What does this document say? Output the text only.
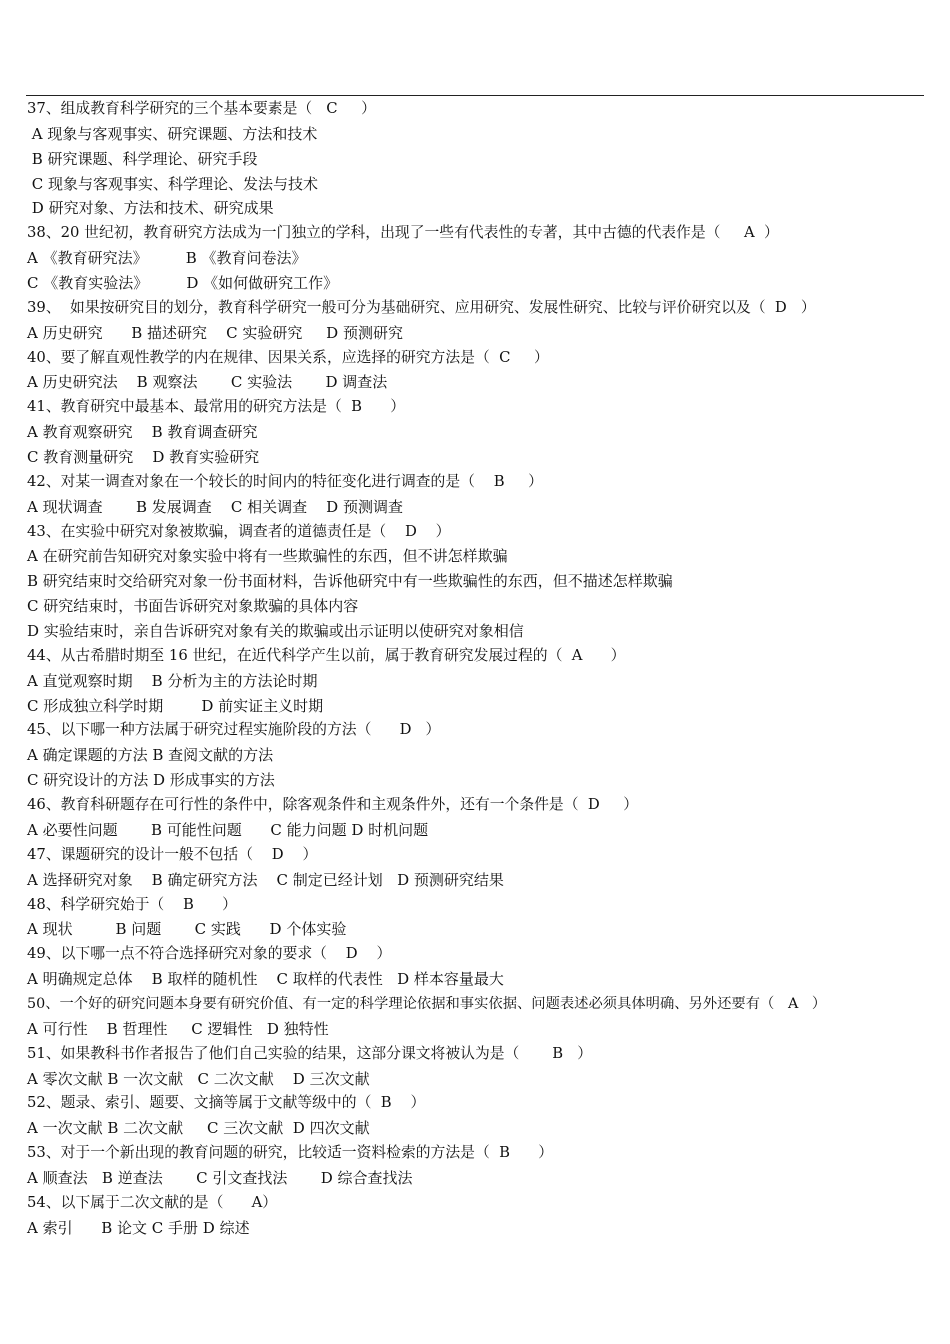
37、组成教育科学研究的三个基本要素是（   C     ）
A 现象与客观事实、研究课题、方法和技术
B 研究课题、科学理论、研究手段
C 现象与客观事实、科学理论、发法与技术
D 研究对象、方法和技术、研究成果
38、20 世纪初，教育研究方法成为一门独立的学科，出现了一些有代表性的专著，其中古德的代表作是（     A  ）
A 《教育研究法》        B 《教育问卷法》
C 《教育实验法》        D 《如何做研究工作》
39、  如果按研究目的划分，教育科学研究一般可分为基础研究、应用研究、发展性研究、比较与评价研究以及（  D   ）
A 历史研究      B 描述研究    C 实验研究     D 预测研究
40、要了解直观性教学的内在规律、因果关系，应选择的研究方法是（  C     ）
A 历史研究法    B 观察法       C 实验法       D 调查法
41、教育研究中最基本、最常用的研究方法是（  B      ）
A 教育观察研究    B 教育调查研究
C 教育测量研究    D 教育实验研究
42、对某一调查对象在一个较长的时间内的特征变化进行调查的是（    B     ）
A 现状调查       B 发展调查    C 相关调查    D 预测调查
43、在实验中研究对象被欺骗，调查者的道德责任是（    D    ）
A 在研究前告知研究对象实验中将有一些欺骗性的东西，但不讲怎样欺骗
B 研究结束时交给研究对象一份书面材料，告诉他研究中有一些欺骗性的东西，但不描述怎样欺骗
C 研究结束时，书面告诉研究对象欺骗的具体内容
D 实验结束时，亲自告诉研究对象有关的欺骗或出示证明以使研究对象相信
44、从古希腊时期至 16 世纪，在近代科学产生以前，属于教育研究发展过程的（  A      ）
A 直觉观察时期    B 分析为主的方法论时期
C 形成独立科学时期        D 前实证主义时期
45、以下哪一种方法属于研究过程实施阶段的方法（      D   ）
A 确定课题的方法 B 查阅文献的方法
C 研究设计的方法 D 形成事实的方法
46、教育科研题存在可行性的条件中，除客观条件和主观条件外，还有一个条件是（  D     ）
A 必要性问题       B 可能性问题      C 能力问题 D 时机问题
47、课题研究的设计一般不包括（    D    ）
A 选择研究对象    B 确定研究方法    C 制定已经计划   D 预测研究结果
48、科学研究始于（    B      ）
A 现状         B 问题       C 实践      D 个体实验
49、以下哪一点不符合选择研究对象的要求（    D    ）
A 明确规定总体    B 取样的随机性    C 取样的代表性   D 样本容量最大
50、一个好的研究问题本身要有研究价值、有一定的科学理论依据和事实依据、问题表述必须具体明确、另外还要有（   A   ）
A 可行性    B 哲理性     C 逻辑性   D 独特性
51、如果教科书作者报告了他们自己实验的结果，这部分课文将被认为是（       B   ）
A 零次文献 B 一次文献   C 二次文献    D 三次文献
52、题录、索引、题要、文摘等属于文献等级中的（  B    ）
A 一次文献 B 二次文献     C 三次文献  D 四次文献
53、对于一个新出现的教育问题的研究，比较适一资料检索的方法是（  B      ）
A 顺查法   B 逆查法       C 引文查找法       D 综合查找法
54、以下属于二次文献的是（      A）
A 索引      B 论文 C 手册 D 综述
